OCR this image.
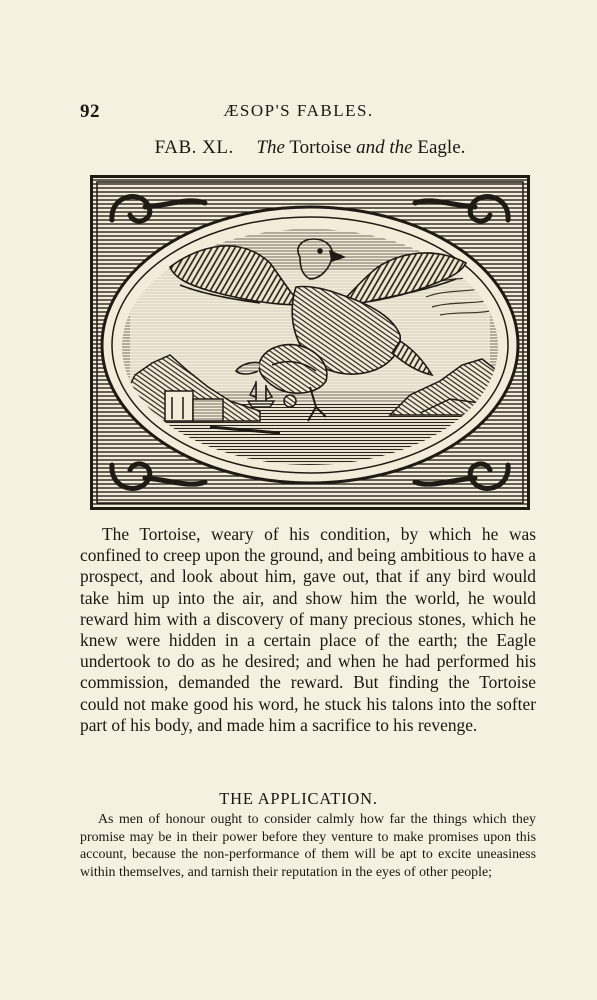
92	ÆSOP'S FABLES.
FAB. XL. The Tortoise and the Eagle.

The Tortoise, weary of his condition, by which he was confined to creep upon the ground, and being ambitious to have a prospect, and look about him, gave out, that if any bird would take him up into the air, and show him the world, he would reward him with a discovery of many precious stones, which he knew were hidden in a certain place of the earth; the Eagle undertook to do as he desired; and when he had performed his commission, demanded the reward. But finding the Tortoise could not make good his word, he stuck his talons into the softer part of his body, and made him a sacrifice to his revenge.

THE APPLICATION.

As men of honour ought to consider calmly how far the things which they promise may be in their power before they venture to make promises upon this account, because the non-performance of them will be apt to excite uneasiness within themselves, and tarnish their reputation in the eyes of other people;
